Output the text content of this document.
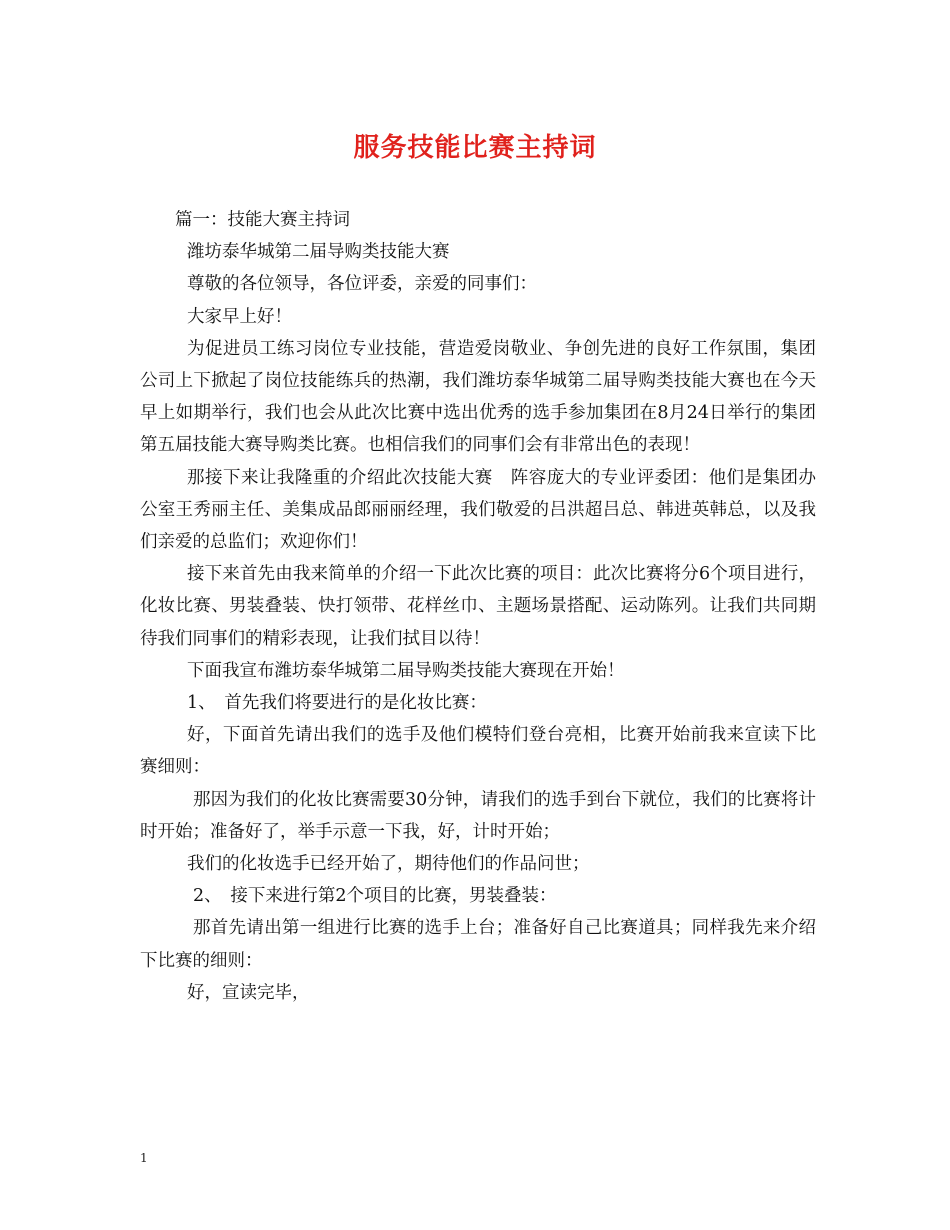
服务技能比赛主持词

篇一：技能大赛主持词

潍坊泰华城第二届导购类技能大赛

尊敬的各位领导，各位评委，亲爱的同事们：

大家早上好！

为促进员工练习岗位专业技能，营造爱岗敬业、争创先进的良好工作氛围，集团公司上下掀起了岗位技能练兵的热潮，我们潍坊泰华城第二届导购类技能大赛也在今天早上如期举行，我们也会从此次比赛中选出优秀的选手参加集团在8月24日举行的集团第五届技能大赛导购类比赛。也相信我们的同事们会有非常出色的表现！

那接下来让我隆重的介绍此次技能大赛　阵容庞大的专业评委团：他们是集团办公室王秀丽主任、美集成品郎丽丽经理，我们敬爱的吕洪超吕总、韩进英韩总，以及我们亲爱的总监们；欢迎你们！

接下来首先由我来简单的介绍一下此次比赛的项目：此次比赛将分6个项目进行，化妆比赛、男装叠装、快打领带、花样丝巾、主题场景搭配、运动陈列。让我们共同期待我们同事们的精彩表现，让我们拭目以待！

下面我宣布潍坊泰华城第二届导购类技能大赛现在开始！

1、　首先我们将要进行的是化妆比赛：

好，下面首先请出我们的选手及他们模特们登台亮相，比赛开始前我来宣读下比赛细则：

那因为我们的化妆比赛需要30分钟，请我们的选手到台下就位，我们的比赛将计时开始；准备好了，举手示意一下我，好，计时开始；

我们的化妆选手已经开始了，期待他们的作品问世；

2、　接下来进行第2个项目的比赛，男装叠装：

那首先请出第一组进行比赛的选手上台；准备好自己比赛道具；同样我先来介绍下比赛的细则：

好，宣读完毕，

1
